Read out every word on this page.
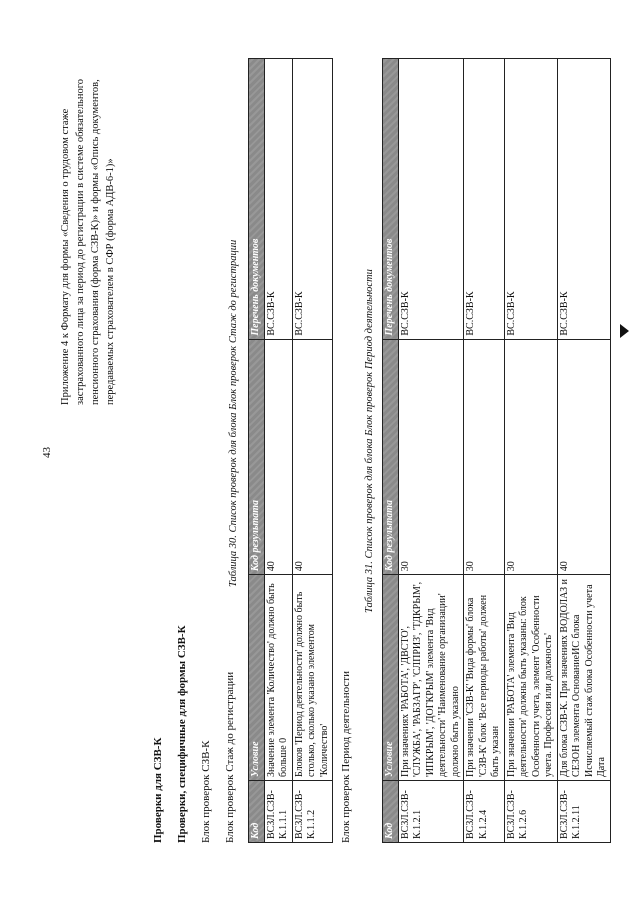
43
Приложение 4 к Формату для формы «Сведения о трудовом стаже застрахованного лица за период до регистрации в системе обязательного пенсионного страхования (форма СЗВ-К)» и формы «Опись документов, передаваемых страхователем в СФР (форма АДВ-6-1)»
Проверки для СЗВ-К Проверки, специфичные для формы СЗВ-К Блок проверок СЗВ-К Блок проверок Стаж до регистрации
Таблица 30. Список проверок для блока Блок проверок Стаж до регистрации
Код	Условие	Код результата	Перечень документов
ВСЗЛ.СЗВ-К.1.1.1	Значение элемента 'Количество' должно быть больше 0	40	ВС.СЗВ-К
ВСЗЛ.СЗВ-К.1.1.2	Блоков 'Период деятельности' должно быть столько, сколько указано элементом 'Количество'	40	ВС.СЗВ-К
Блок проверок Период деятельности
Таблица 31. Список проверок для блока Блок проверок Период деятельности
Код	Условие	Код результата	Перечень документов
ВСЗЛ.СЗВ-К.1.2.1	При значениях 'РАБОТА', 'ДВСТО', 'СЛУЖБА', 'РАБЗАГР', 'СЛПРИЗ', 'ТДКРЫМ', 'ИПКРЫМ', 'ДОГКРЫМ' элемента 'Вид деятельности' 'Наименование организации' должно быть указано	30	ВС.СЗВ-К
ВСЗЛ.СЗВ-К.1.2.4	При значении 'СЗВ-К' 'Вида формы' блока 'СЗВ-К' блок 'Все периоды работы' должен быть указан	30	ВС.СЗВ-К
ВСЗЛ.СЗВ-К.1.2.6	При значении 'РАБОТА' элемента 'Вид деятельности' должны быть указаны: блок Особенности учета, элемент 'Особенности учета. Профессия или должность'	30	ВС.СЗВ-К
ВСЗЛ.СЗВ-К.1.2.11	Для блока СЗВ-К. При значениях ВОДОЛАЗ и СЕЗОН элемента ОснованиеИС блока Исчисляемый стаж блока Особенности учета Дата	40	ВС.СЗВ-К
